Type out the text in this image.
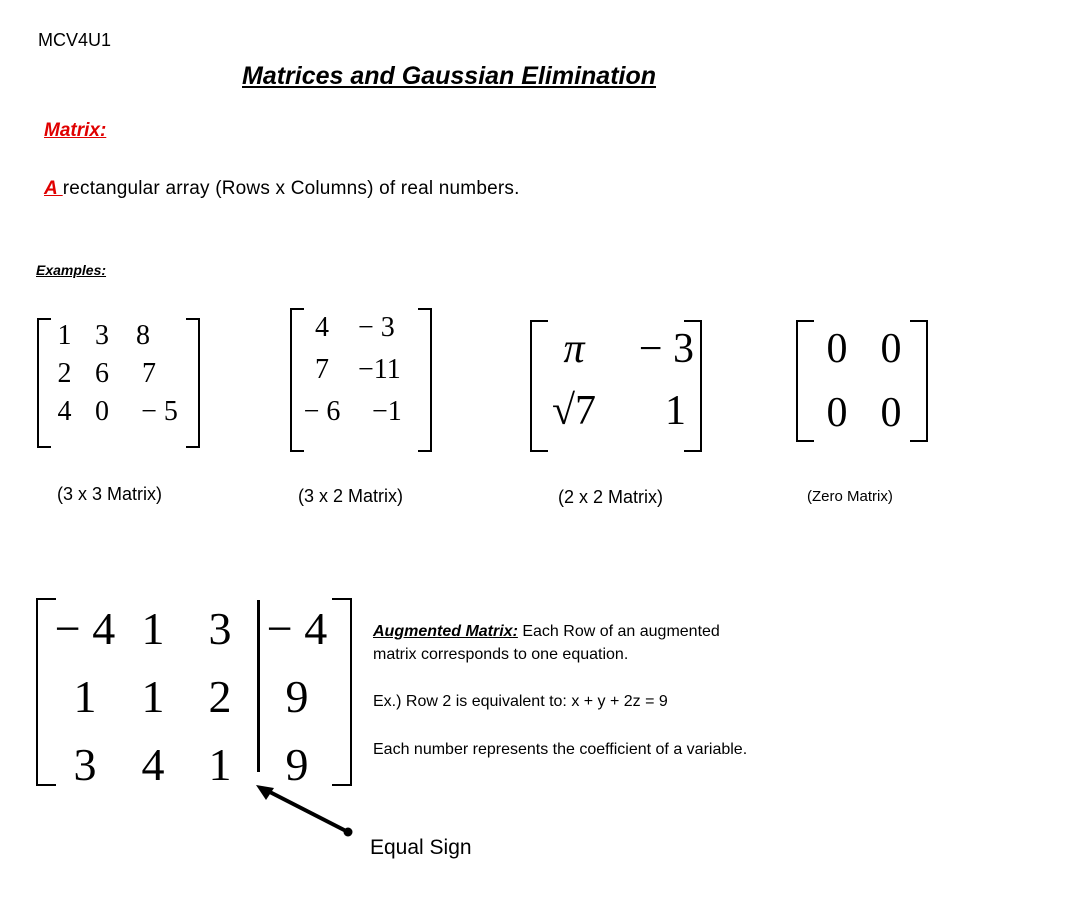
MCV4U1
Matrices and Gaussian Elimination
Matrix:
A rectangular array (Rows x Columns) of real numbers.
Examples:
1 3 8
2 6	7
4 0	− 5
(3 x 3 Matrix)
4	− 3
7	−11
− 6	−1
(3 x 2 Matrix)
π	− 3
√7	1
(2 x 2 Matrix)
0 0
0 0
(Zero Matrix)
− 4 1 3 − 4
1 1 2	9
3 4 1	9
Augmented Matrix: Each Row of an augmented
matrix corresponds to one equation.
Ex.) Row 2 is equivalent to: x + y + 2z = 9
Each number represents the coefficient of a variable.
Equal Sign
